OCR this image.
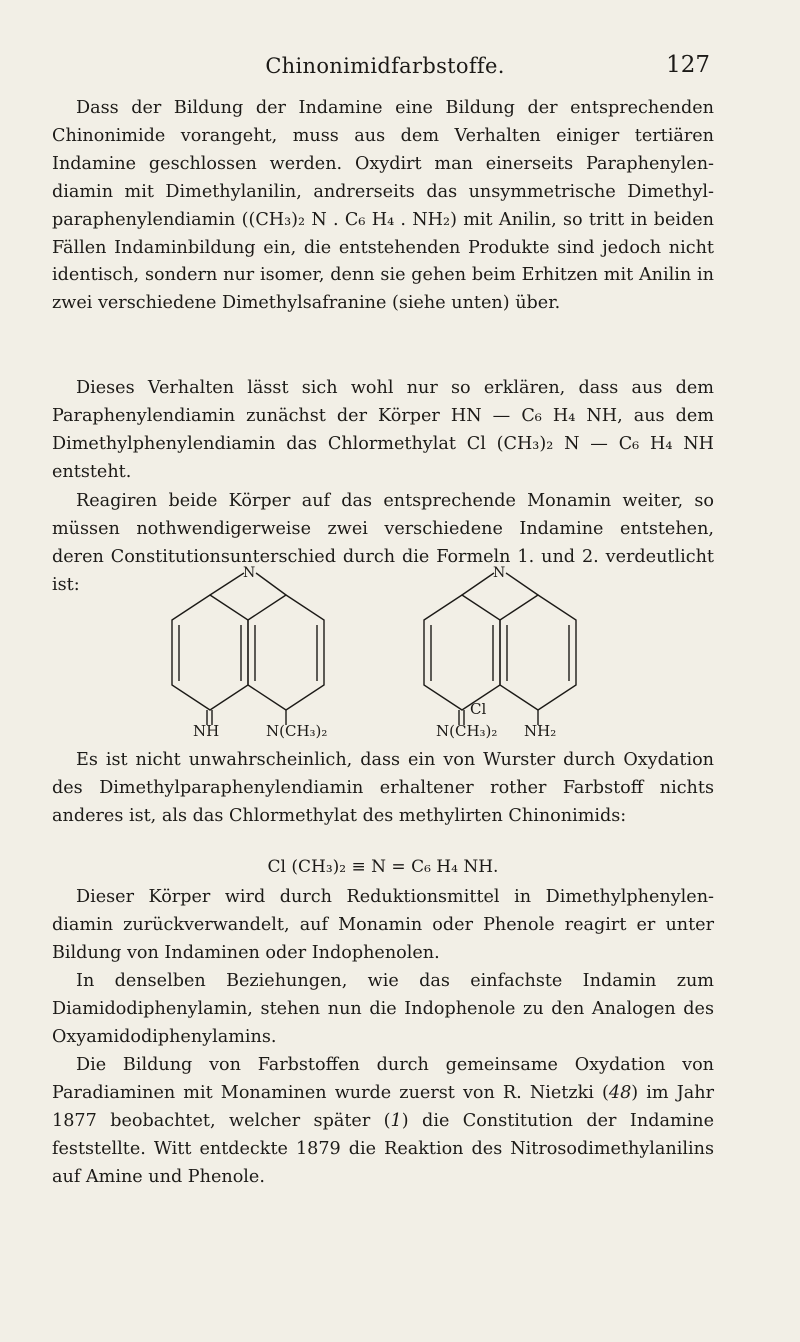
Chinonimidfarbstoffe.	127

Dass der Bildung der Indamine eine Bildung der entsprechenden Chinonimide vorangeht, muss aus dem Verhalten einiger tertiären Indamine geschlossen werden. Oxydirt man einerseits Paraphenylendiamin mit Dimethylanilin, andrerseits das unsymmetrische Dimethylparaphenylendiamin ((CH₃)₂ N . C₆ H₄ . NH₂) mit Anilin, so tritt in beiden Fällen Indaminbildung ein, die entstehenden Produkte sind jedoch nicht identisch, sondern nur isomer, denn sie gehen beim Erhitzen mit Anilin in zwei verschiedene Dimethylsafranine (siehe unten) über.

Dieses Verhalten lässt sich wohl nur so erklären, dass aus dem Paraphenylendiamin zunächst der Körper HN — C₆ H₄ NH, aus dem Dimethylphenylendiamin das Chlormethylat Cl (CH₃)₂ N — C₆ H₄ NH entsteht.

Reagiren beide Körper auf das entsprechende Monamin weiter, so müssen nothwendigerweise zwei verschiedene Indamine entstehen, deren Constitutionsunterschied durch die Formeln 1. und 2. verdeutlicht ist:

N	N
NH	N(CH₃)₂
Cl
N(CH₃)₂ NH₂

Es ist nicht unwahrscheinlich, dass ein von Wurster durch Oxydation des Dimethylparaphenylendiamin erhaltener rother Farbstoff nichts anderes ist, als das Chlormethylat des methylirten Chinonimids:

Cl (CH₃)₂ ≡ N = C₆ H₄ NH.

Dieser Körper wird durch Reduktionsmittel in Dimethylphenylendiamin zurückverwandelt, auf Monamin oder Phenole reagirt er unter Bildung von Indaminen oder Indophenolen.

In denselben Beziehungen, wie das einfachste Indamin zum Diamidodiphenylamin, stehen nun die Indophenole zu den Analogen des Oxyamidodiphenylamins.

Die Bildung von Farbstoffen durch gemeinsame Oxydation von Paradiaminen mit Monaminen wurde zuerst von R. Nietzki (48) im Jahr 1877 beobachtet, welcher später (1) die Constitution der Indamine feststellte. Witt entdeckte 1879 die Reaktion des Nitrosodimethylanilins auf Amine und Phenole.
